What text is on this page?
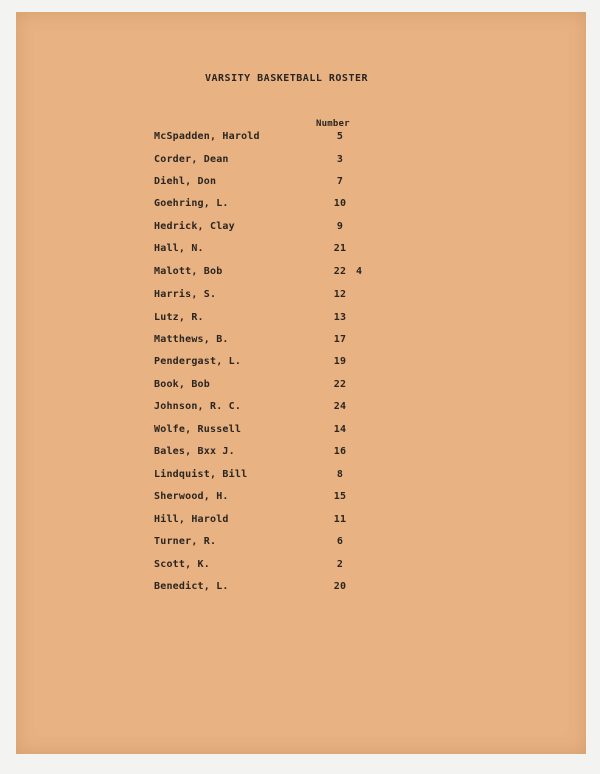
VARSITY BASKETBALL ROSTER
Number
McSpadden, Harold	5
Corder, Dean	3
Diehl, Don	7
Goehring, L.	10
Hedrick, Clay	9
Hall, N.	21
Malott, Bob	22 4
Harris, S.	12
Lutz, R.	13
Matthews, B.	17
Pendergast, L.	19
Book, Bob	22
Johnson, R. C.	24
Wolfe, Russell	14
Bales, Bxx J.	16
Lindquist, Bill	8
Sherwood, H.	15
Hill, Harold	11
Turner, R.	6
Scott, K.	2
Benedict, L.	20
